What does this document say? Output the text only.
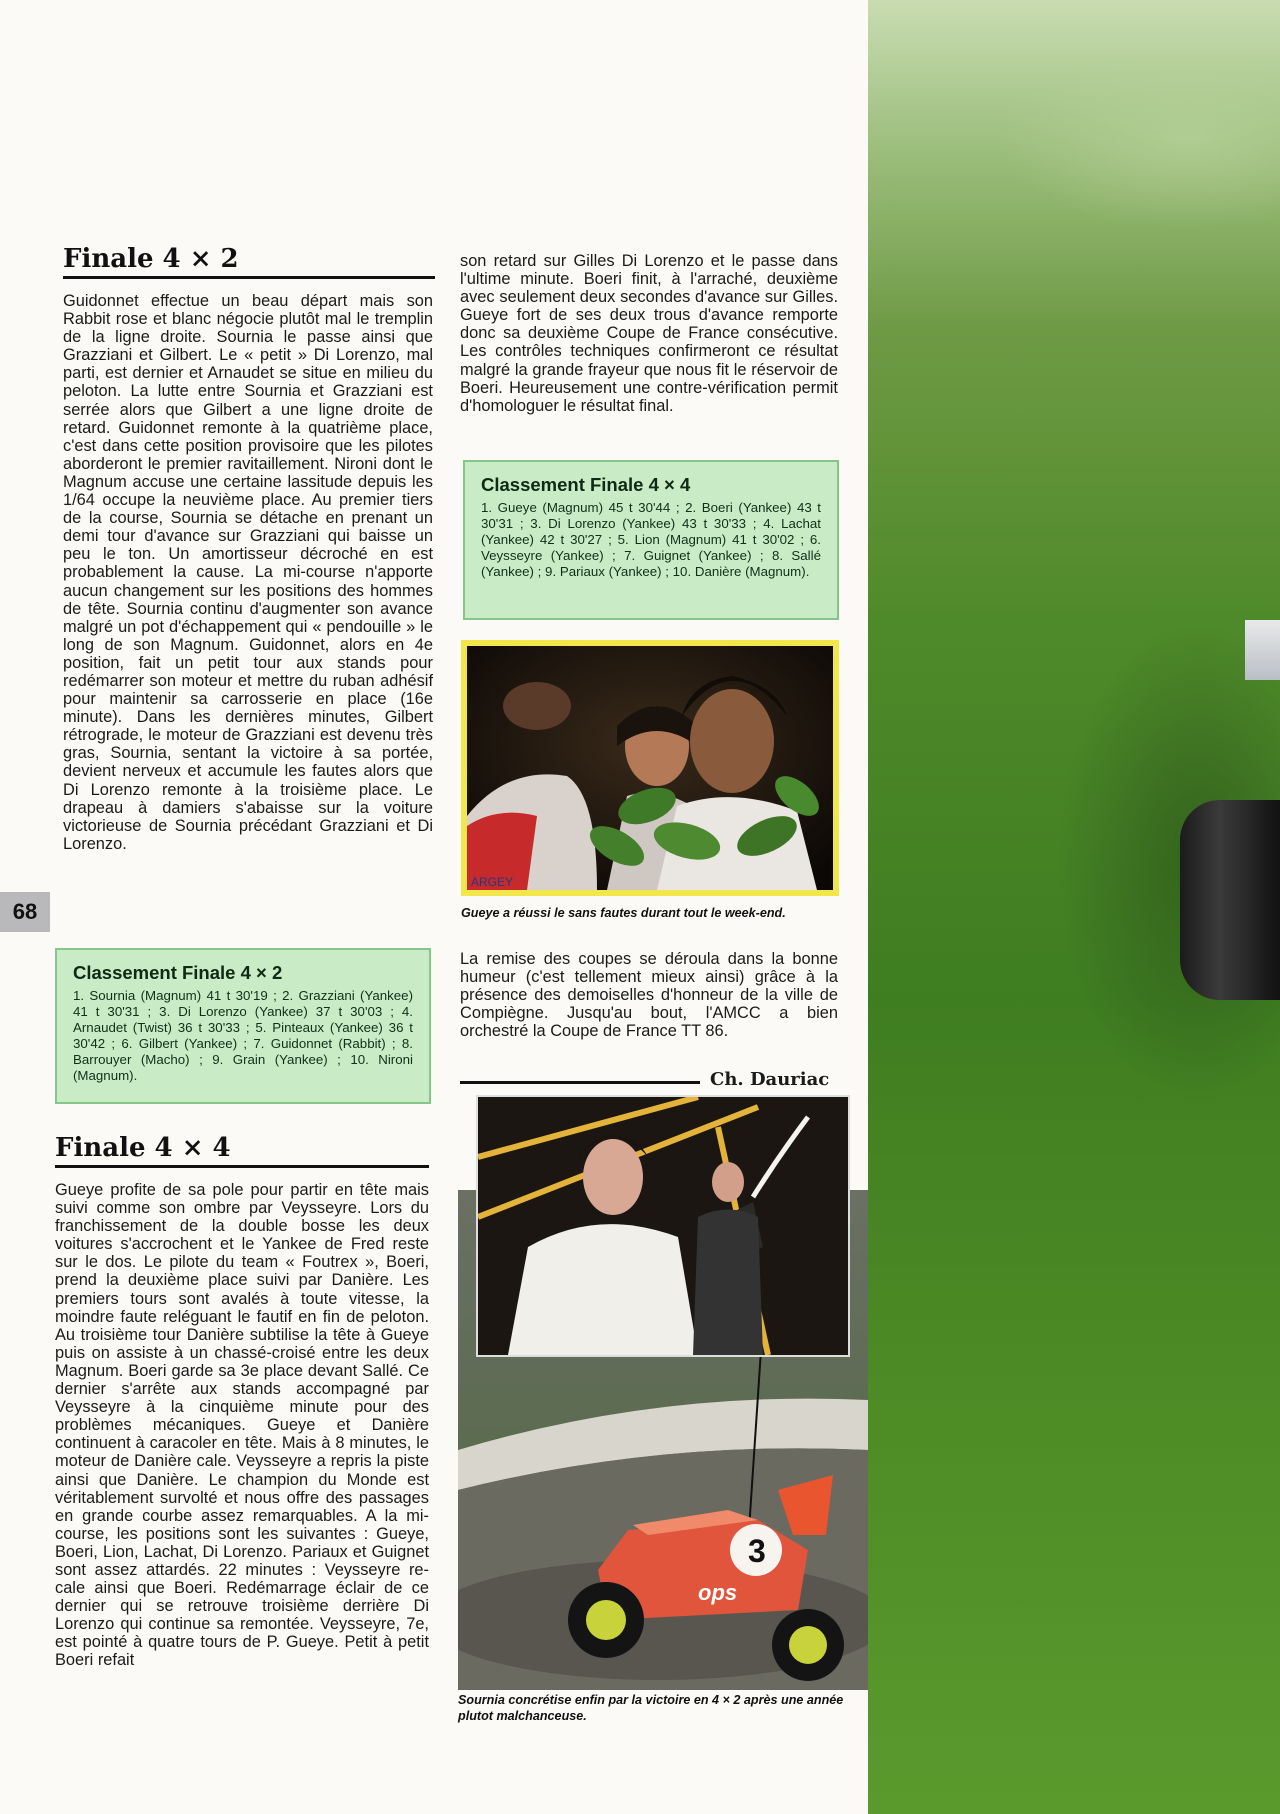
68
Finale 4 × 2
Guidonnet effectue un beau départ mais son Rabbit rose et blanc négocie plutôt mal le tremplin de la ligne droite. Sournia le passe ainsi que Grazziani et Gilbert. Le « petit » Di Lorenzo, mal parti, est dernier et Arnaudet se situe en milieu du peloton. La lutte entre Sournia et Grazziani est serrée alors que Gilbert a une ligne droite de retard. Guidonnet remonte à la quatrième place, c'est dans cette position provisoire que les pilotes aborderont le premier ravitaillement. Nironi dont le Magnum accuse une certaine lassitude depuis les 1/64 occupe la neuvième place. Au premier tiers de la course, Sournia se détache en prenant un demi tour d'avance sur Grazziani qui baisse un peu le ton. Un amortisseur décroché en est probablement la cause. La mi-course n'apporte aucun changement sur les positions des hommes de tête. Sournia continu d'augmenter son avance malgré un pot d'échappement qui « pendouille » le long de son Magnum. Guidonnet, alors en 4e position, fait un petit tour aux stands pour redémarrer son moteur et mettre du ruban adhésif pour maintenir sa carrosserie en place (16e minute). Dans les dernières minutes, Gilbert rétrograde, le moteur de Grazziani est devenu très gras, Sournia, sentant la victoire à sa portée, devient nerveux et accumule les fautes alors que Di Lorenzo remonte à la troisième place. Le drapeau à damiers s'abaisse sur la voiture victorieuse de Sournia précédant Grazziani et Di Lorenzo.
Classement Finale 4 × 2

1. Sournia (Magnum) 41 t 30'19 ; 2. Grazziani (Yankee) 41 t 30'31 ; 3. Di Lorenzo (Yankee) 37 t 30'03 ; 4. Arnaudet (Twist) 36 t 30'33 ; 5. Pinteaux (Yankee) 36 t 30'42 ; 6. Gilbert (Yankee) ; 7. Guidonnet (Rabbit) ; 8. Barrouyer (Macho) ; 9. Grain (Yankee) ; 10. Nironi (Magnum).

Finale 4 × 4
Gueye profite de sa pole pour partir en tête mais suivi comme son ombre par Veysseyre. Lors du franchissement de la double bosse les deux voitures s'accrochent et le Yankee de Fred reste sur le dos. Le pilote du team « Foutrex », Boeri, prend la deuxième place suivi par Danière. Les premiers tours sont avalés à toute vitesse, la moindre faute reléguant le fautif en fin de peloton. Au troisième tour Danière subtilise la tête à Gueye puis on assiste à un chassé-croisé entre les deux Magnum. Boeri garde sa 3e place devant Sallé. Ce dernier s'arrête aux stands accompagné par Veysseyre à la cinquième minute pour des problèmes mécaniques. Gueye et Danière continuent à caracoler en tête. Mais à 8 minutes, le moteur de Danière cale. Veysseyre a repris la piste ainsi que Danière. Le champion du Monde est véritablement survolté et nous offre des passages en grande courbe assez remarquables. A la mi-course, les positions sont les suivantes : Gueye, Boeri, Lion, Lachat, Di Lorenzo. Pariaux et Guignet sont assez attardés. 22 minutes : Veysseyre re-cale ainsi que Boeri. Redémarrage éclair de ce dernier qui se retrouve troisième derrière Di Lorenzo qui continue sa remontée. Veysseyre, 7e, est pointé à quatre tours de P. Gueye. Petit à petit Boeri refait
son retard sur Gilles Di Lorenzo et le passe dans l'ultime minute. Boeri finit, à l'arraché, deuxième avec seulement deux secondes d'avance sur Gilles. Gueye fort de ses deux trous d'avance remporte donc sa deuxième Coupe de France consécutive. Les contrôles techniques confirmeront ce résultat malgré la grande frayeur que nous fit le réservoir de Boeri. Heureusement une contre-vérification permit d'homologuer le résultat final.
Classement Finale 4 × 4

1. Gueye (Magnum) 45 t 30'44 ; 2. Boeri (Yankee) 43 t 30'31 ; 3. Di Lorenzo (Yankee) 43 t 30'33 ; 4. Lachat (Yankee) 42 t 30'27 ; 5. Lion (Magnum) 41 t 30'02 ; 6. Veysseyre (Yankee) ; 7. Guignet (Yankee) ; 8. Sallé (Yankee) ; 9. Pariaux (Yankee) ; 10. Danière (Magnum).

ARGEY
Gueye a réussi le sans fautes durant tout le week-end.
La remise des coupes se déroula dans la bonne humeur (c'est tellement mieux ainsi) grâce à la présence des demoiselles d'honneur de la ville de Compiègne. Jusqu'au bout, l'AMCC a bien orchestré la Coupe de France TT 86.
Ch. Dauriac
3
ops
Sournia concrétise enfin par la victoire en 4 × 2 après une année plutot malchanceuse.
